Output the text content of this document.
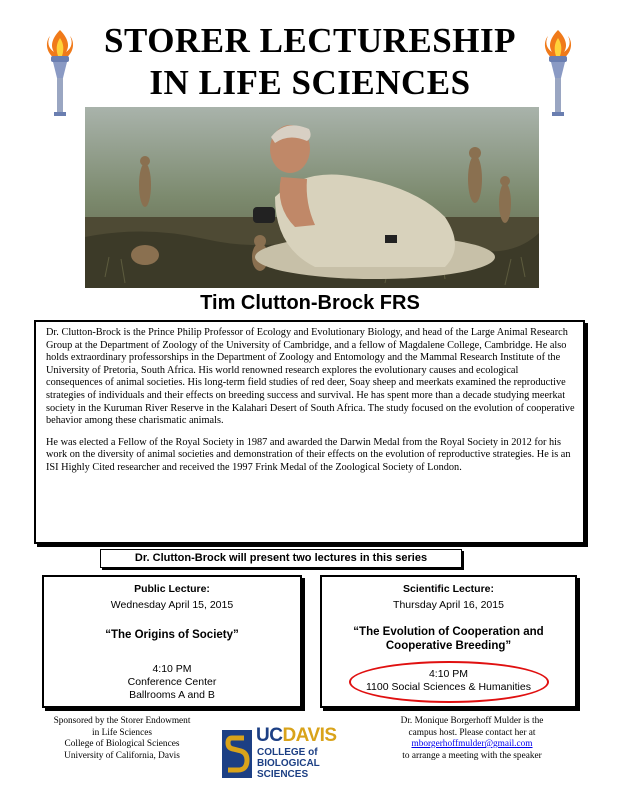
STORER LECTURESHIP
IN LIFE SCIENCES
Tim Clutton-Brock FRS

Dr. Clutton-Brock is the Prince Philip Professor of Ecology and Evolutionary Biology, and head of the Large Animal Research Group at the Department of Zoology of the University of Cambridge, and a fellow of Magdalene College, Cambridge. He also holds extraordinary professorships in the Department of Zoology and Entomology and the Mammal Research Institute of the University of Pretoria, South Africa. His world renowned research explores the evolutionary causes and ecological consequences of animal societies. His long-term field studies of red deer, Soay sheep and meerkats examined the reproductive strategies of individuals and their effects on breeding success and survival. He has spent more than a decade studying meerkat society in the Kuruman River Reserve in the Kalahari Desert of South Africa. The study focused on the evolution of cooperative behavior among these charismatic animals.

He was elected a Fellow of the Royal Society in 1987 and awarded the Darwin Medal from the Royal Society in 2012 for his work on the diversity of animal societies and demonstration of their effects on the evolution of reproductive strategies. He is an ISI Highly Cited researcher and received the 1997 Frink Medal of the Zoological Society of London.

Dr. Clutton-Brock will present two lectures in this series
Public Lecture:
Wednesday April 15, 2015
“The Origins of Society”
4:10 PM
Conference Center
Ballrooms A and B
Scientific Lecture:
Thursday April 16, 2015
“The Evolution of Cooperation and Cooperative Breeding”
4:10 PM
1100 Social Sciences & Humanities
Sponsored by the Storer Endowment
in Life Sciences
College of Biological Sciences
University of California, Davis
UCDAVIS
COLLEGE of
BIOLOGICAL
SCIENCES
Dr. Monique Borgerhoff Mulder is the
campus host. Please contact her at
mborgerhoffmulder@gmail.com
to arrange a meeting with the speaker
